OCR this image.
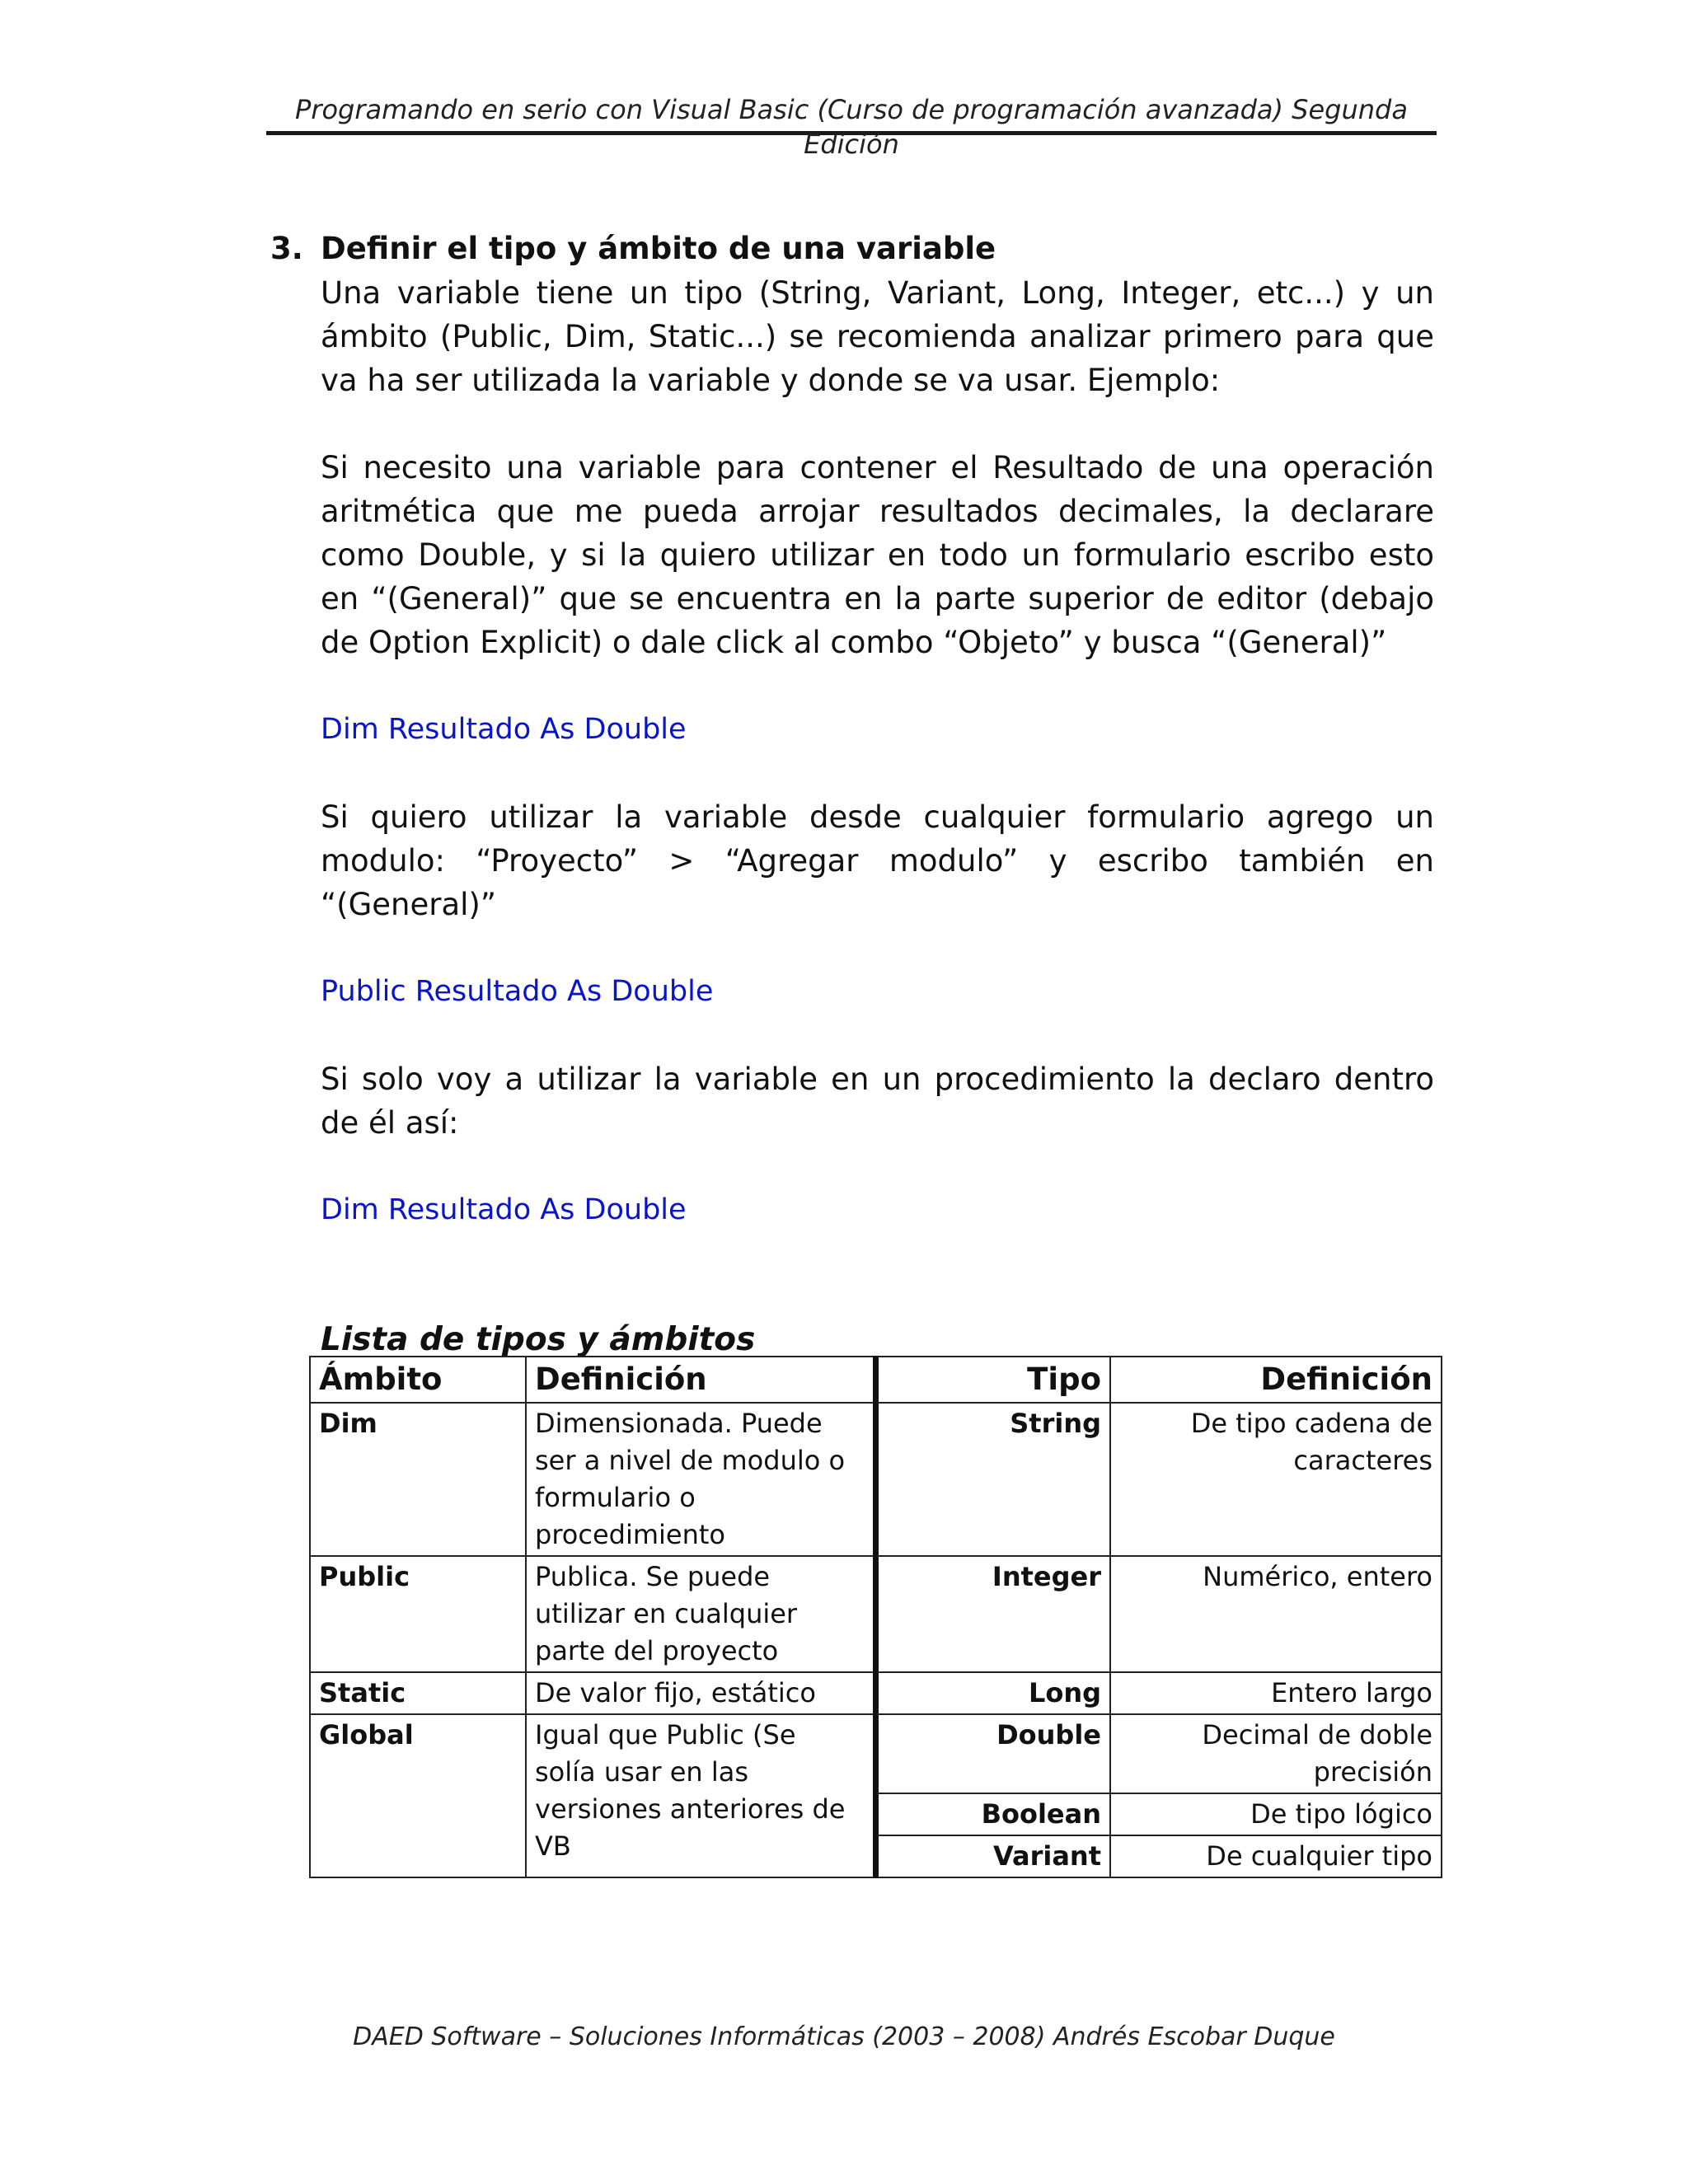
Programando en serio con Visual Basic (Curso de programación avanzada) Segunda Edición
3. Definir el tipo y ámbito de una variable

Una variable tiene un tipo (String, Variant, Long, Integer, etc...) y un ámbito (Public, Dim, Static...) se recomienda analizar primero para que va ha ser utilizada la variable y donde se va usar. Ejemplo:

Si necesito una variable para contener el Resultado de una operación aritmética que me pueda arrojar resultados decimales, la declarare como Double, y si la quiero utilizar en todo un formulario escribo esto en “(General)” que se encuentra en la parte superior de editor (debajo de Option Explicit) o dale click al combo “Objeto” y busca “(General)”

Dim Resultado As Double

Si quiero utilizar la variable desde cualquier formulario agrego un modulo: “Proyecto” > “Agregar modulo” y escribo también en “(General)”

Public Resultado As Double

Si solo voy a utilizar la variable en un procedimiento la declaro dentro de él así:

Dim Resultado As Double

Lista de tipos y ámbitos

Ámbito	Definición	Tipo	Definición
Dim	Dimensionada. Puede ser a nivel de modulo o formulario o procedimiento	String	De tipo cadena de caracteres
Public	Publica. Se puede utilizar en cualquier parte del proyecto	Integer	Numérico, entero
Static	De valor fijo, estático	Long	Entero largo
Global	Igual que Public (Se solía usar en las versiones anteriores de VB	Double	Decimal de doble precisión
		Boolean	De tipo lógico
		Variant	De cualquier tipo
DAED Software – Soluciones Informáticas (2003 – 2008) Andrés Escobar Duque
